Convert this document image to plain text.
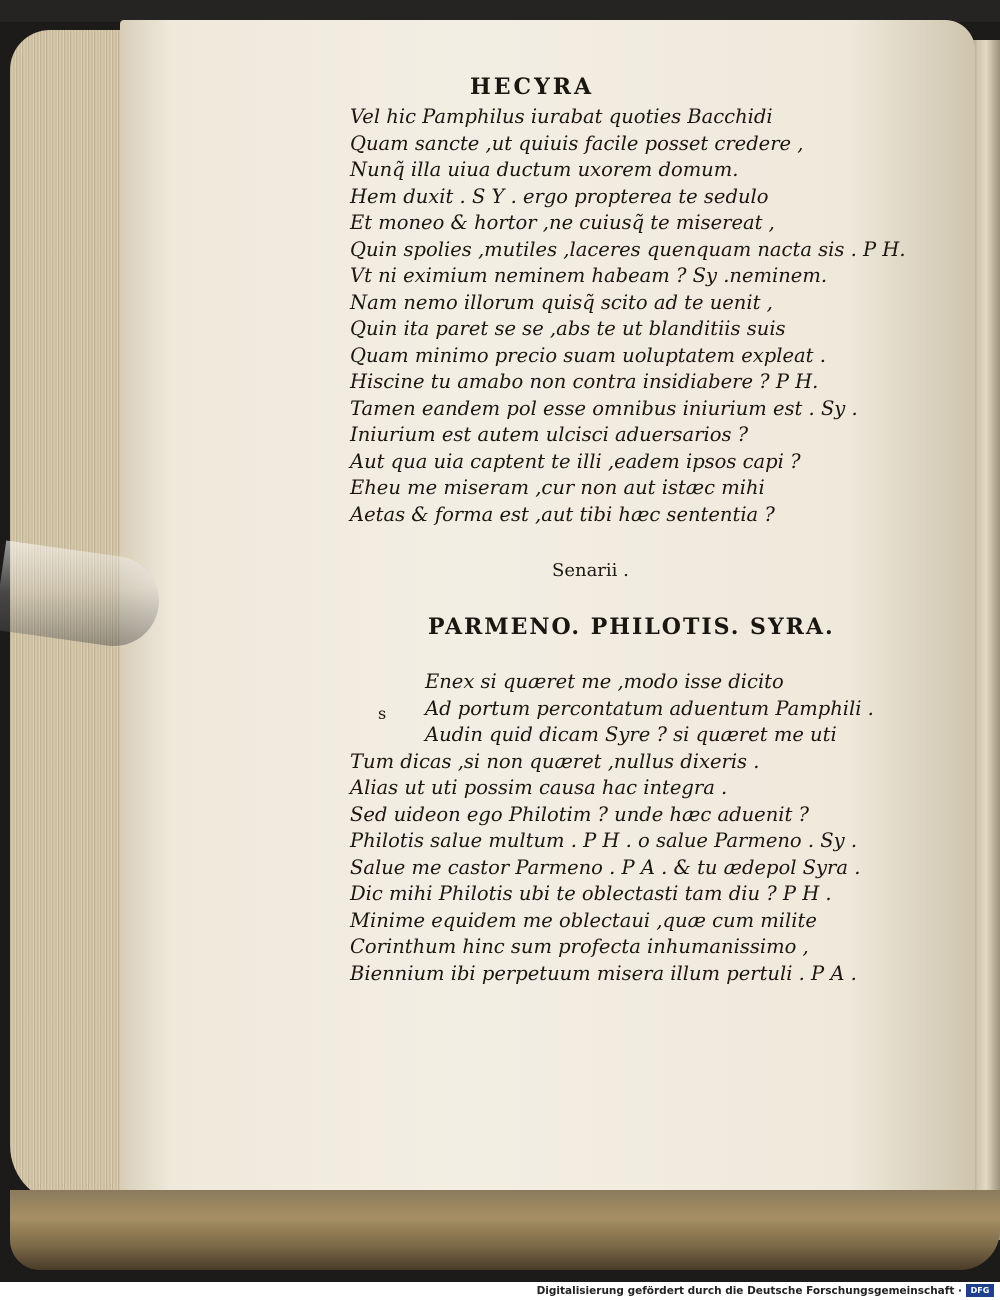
HECYRA
Vel hic Pamphilus iurabat quoties Bacchidi
Quam sancte ,ut quiuis facile posset credere ,
Nunq̃ illa uiua ductum uxorem domum.
Hem duxit . S Y . ergo propterea te sedulo
Et moneo & hortor ,ne cuiusq̃ te misereat ,
Quin spolies ,mutiles ,laceres quenquam nacta sis . P H.
Vt ni eximium neminem habeam ? Sy .neminem.
Nam nemo illorum quisq̃ scito ad te uenit ,
Quin ita paret se se ,abs te ut blanditiis suis
Quam minimo precio suam uoluptatem expleat .
Hiscine tu amabo non contra insidiabere ? P H.
Tamen eandem pol esse omnibus iniurium est . Sy .
Iniurium est autem ulcisci aduersarios ?
Aut qua uia captent te illi ,eadem ipsos capi ?
Eheu me miseram ,cur non aut istæc mihi
Aetas & forma est ,aut tibi hæc sententia ?

Senarii .

PARMENO. PHILOTIS. SYRA.
s
Enex si quæret me ,modo isse dicito
Ad portum percontatum aduentum Pamphili .
Audin quid dicam Syre ? si quæret me uti
Tum dicas ,si non quæret ,nullus dixeris .
Alias ut uti possim causa hac integra .
Sed uideon ego Philotim ? unde hæc aduenit ?
Philotis salue multum . P H . o salue Parmeno . Sy .
Salue me castor Parmeno . P A . & tu ædepol Syra .
Dic mihi Philotis ubi te oblectasti tam diu ? P H .
Minime equidem me oblectaui ,quæ cum milite
Corinthum hinc sum profecta inhumanissimo ,
Biennium ibi perpetuum misera illum pertuli . P A .
Digitalisierung gefördert durch die Deutsche Forschungsgemeinschaft ·	DFG
